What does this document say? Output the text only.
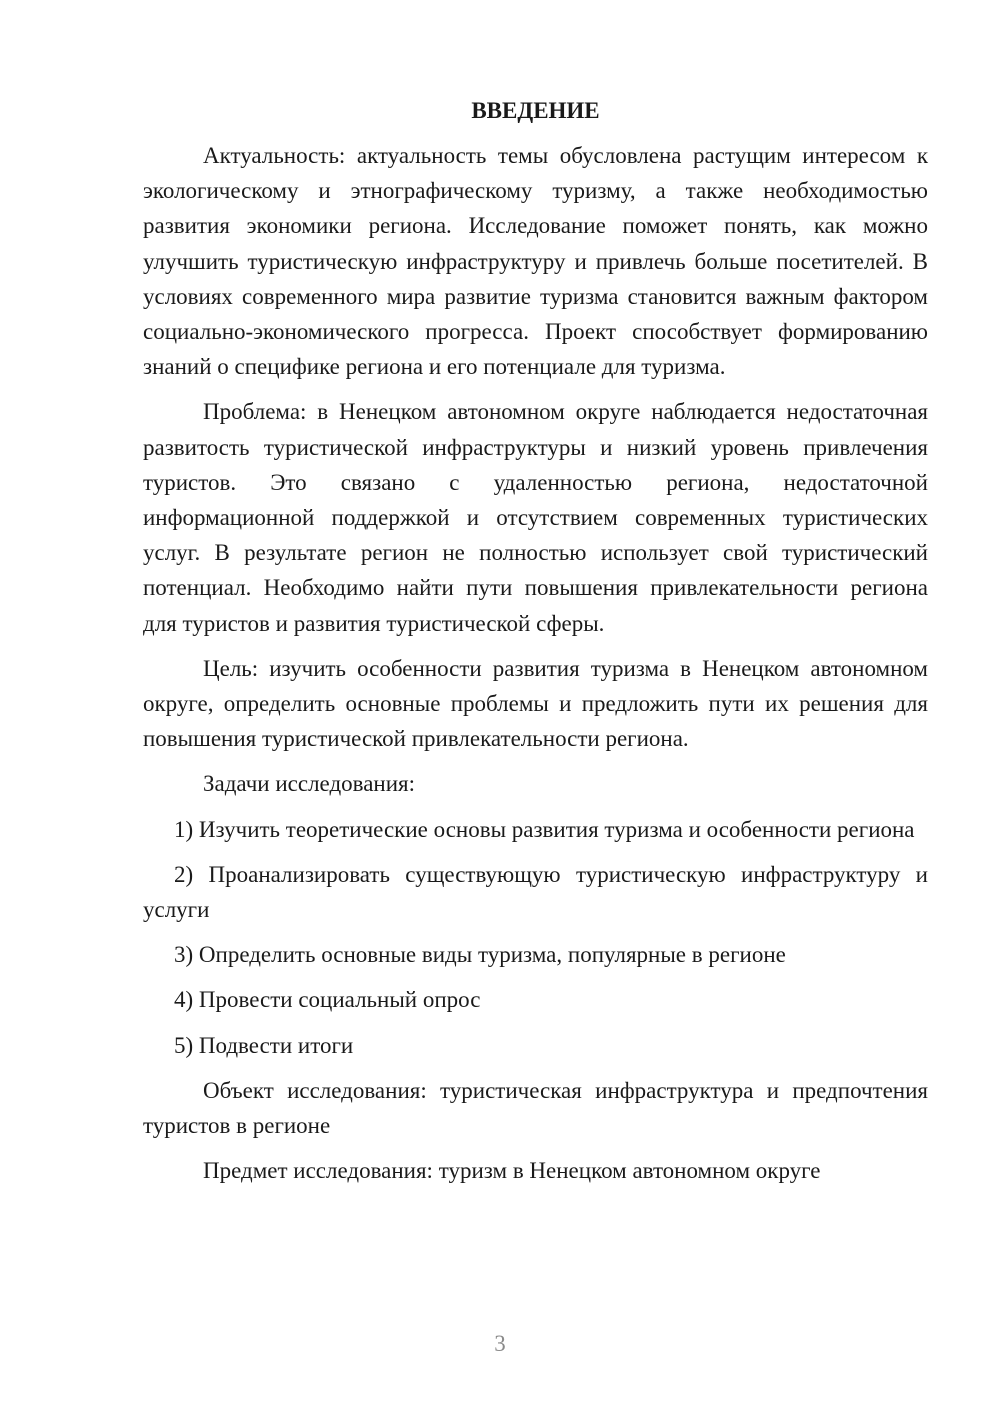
ВВЕДЕНИЕ

Актуальность: актуальность темы обусловлена растущим интересом к экологическому и этнографическому туризму, а также необходимостью развития экономики региона. Исследование поможет понять, как можно улучшить туристическую инфраструктуру и привлечь больше посетителей. В условиях современного мира развитие туризма становится важным фактором социально-экономического прогресса. Проект способствует формированию знаний о специфике региона и его потенциале для туризма.

Проблема: в Ненецком автономном округе наблюдается недостаточная развитость туристической инфраструктуры и низкий уровень привлечения туристов. Это связано с удаленностью региона, недостаточной информационной поддержкой и отсутствием современных туристических услуг. В результате регион не полностью использует свой туристический потенциал. Необходимо найти пути повышения привлекательности региона для туристов и развития туристической сферы.

Цель: изучить особенности развития туризма в Ненецком автономном округе, определить основные проблемы и предложить пути их решения для повышения туристической привлекательности региона.

Задачи исследования:

1) Изучить теоретические основы развития туризма и особенности региона

2) Проанализировать существующую туристическую инфраструктуру и услуги

3) Определить основные виды туризма, популярные в регионе

4) Провести социальный опрос

5) Подвести итоги

Объект исследования: туристическая инфраструктура и предпочтения туристов в регионе

Предмет исследования: туризм в Ненецком автономном округе

3
